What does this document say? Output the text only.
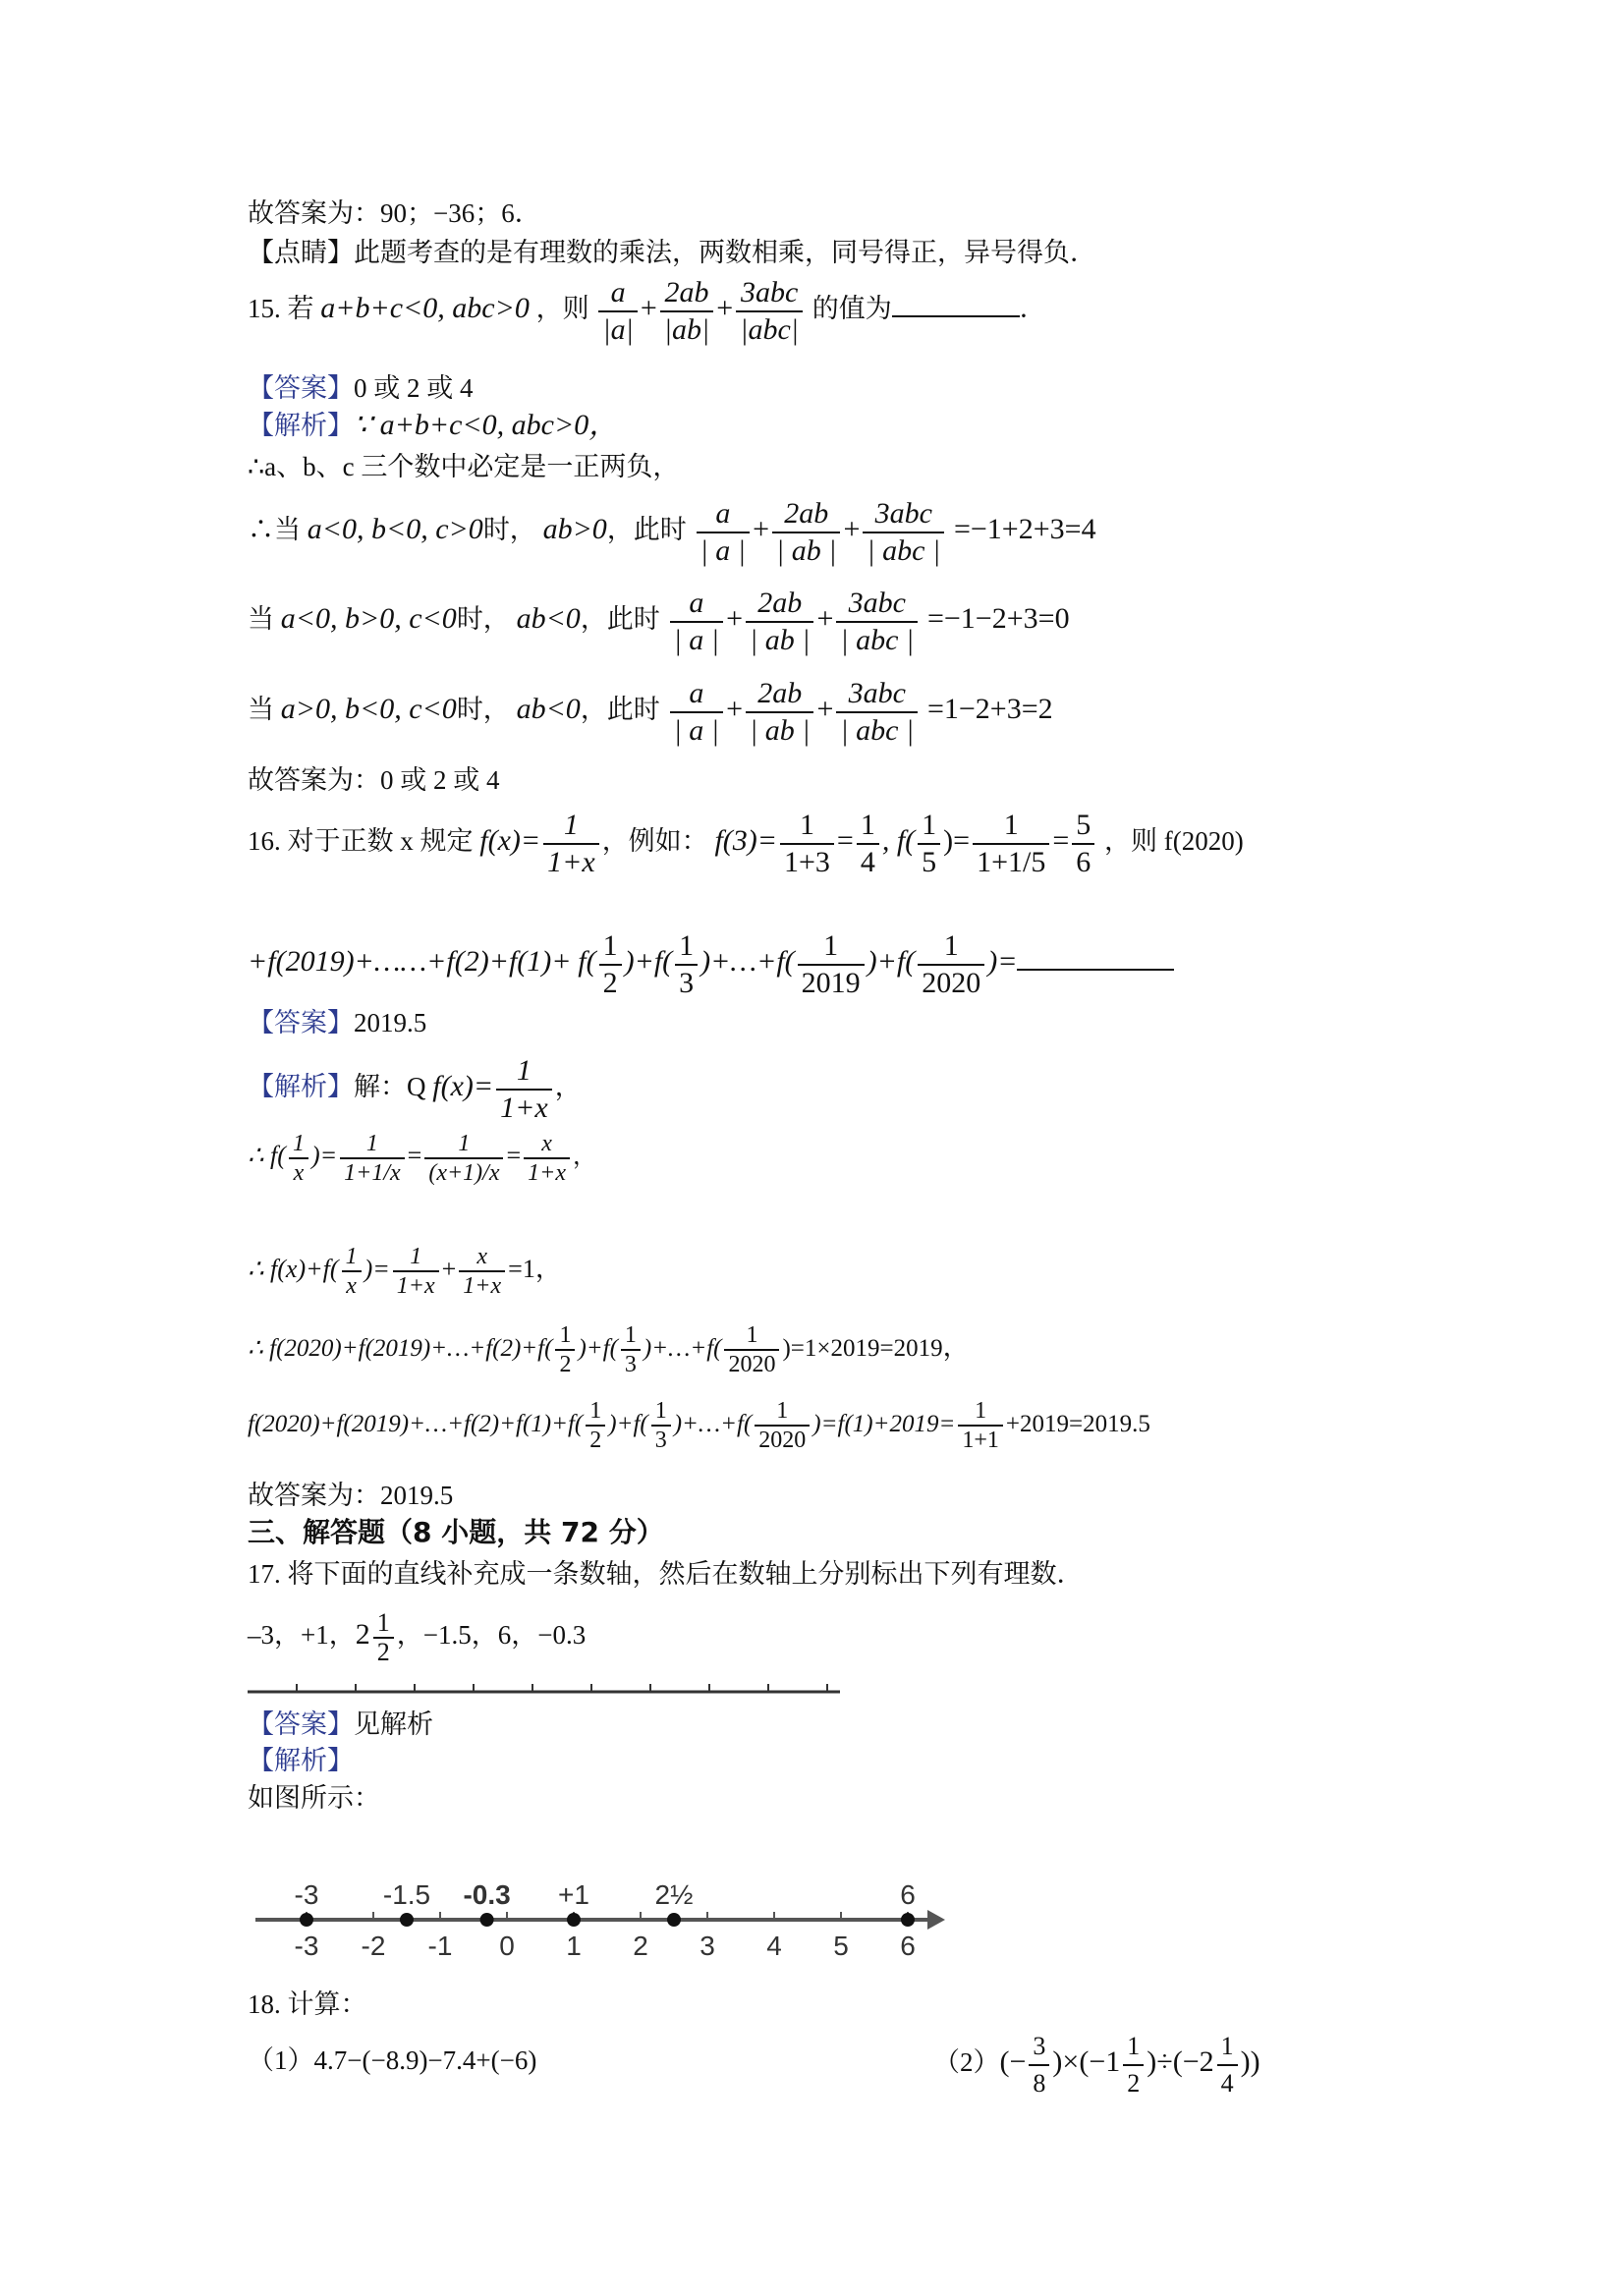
故答案为：90；−36；6．
【点睛】此题考查的是有理数的乘法，两数相乘，同号得正，异号得负．
15. 若 a+b+c<0, abc>0 ，则 $\frac{a}{|a|} + \frac{2ab}{|ab|} + \frac{\text{3abc}}{\text{|abc|}}$ 的值为	．
【答案】0 或 2 或 4
【解析】∵ a+b+c<0, abc>0，
∴a、b、c 三个数中必定是一正两负，
∴当 a<0, b<0, c>0时， ab>0，此时 $\frac{a}{| a |} + \frac{2ab}{| ab |} + \frac{\text{3abc}}{\text{| abc |}} =-1+2+3=4$
当 a<0, b>0, c<0时， ab<0，此时 $\frac{a}{| a |} + \frac{2ab}{| ab |} + \frac{\text{3abc}}{\text{| abc |}} =-1-2+3=0$
当 a>0, b<0, c<0时， ab<0，此时 $\frac{a}{| a |} + \frac{2ab}{| ab |} + \frac{\text{3abc}}{\text{| abc |}} =1-2+3=2$
故答案为：0 或 2 或 4
16. 对于正数 x 规定 $f(x)= \frac{1}{1+x}$ ，例如： $f(3)= \frac{1}{1+3} = \frac{1}{4}$ , $f( \frac{1}{5}$ )= $\frac{1}{1+1/5} = \frac{5}{6}$ ，则 f(2020)
+f(2019)+……+f(2)+f(1)+ $f( \frac{1}{2} )+f( \frac{1}{3}$ )+…+f( $\frac{1}{2019} )+f( \frac{1}{2020}$ )=
【答案】2019.5
【解析】解：Q $f(x)= \frac{1}{1+x}$ ，
∴ $f( \frac{1}{x}$ )= $\frac{1}{1+1/x} = \frac{1}{(x+1)/x} = \frac{x}{1+x}$ ，
∴ $f(x)+f( \frac{1}{x}$ )= $\frac{1}{1+x} + \frac{x}{1+x} =1$，
∴ f(2020)+f(2019)+…+f(2)+f( $\frac{1}{2} )+f( \frac{1}{3}$ )+…+f( $\frac{1}{2020} )=1\times 2019=2019$，
f(2020)+f(2019)+…+f(2)+f(1)+f( $\frac{1}{2} )+f( \frac{1}{3}$ )+…+f( $\frac{1}{2020} )=f(1)+2019= \frac{1}{1+1} +2019=2019.5$
故答案为：2019.5
三、解答题（8 小题，共 72 分）
17. 将下面的直线补充成一条数轴，然后在数轴上分别标出下列有理数．
–3，+1，$2 \frac{1}{2}$ ，−1.5，6，−0.3
【答案】见解析
【解析】
如图所示：
-3 -2 -1 0 1 2 3 4 5 6
-3 -1.5 -0.3 +1 2½	6
18. 计算：
（1）4.7−(−8.9)−7.4+(−6)	$(2)(- \frac{3}{8} )\times(-1 \frac{1}{2} )\div(-2 \frac{1}{4}$ ))
